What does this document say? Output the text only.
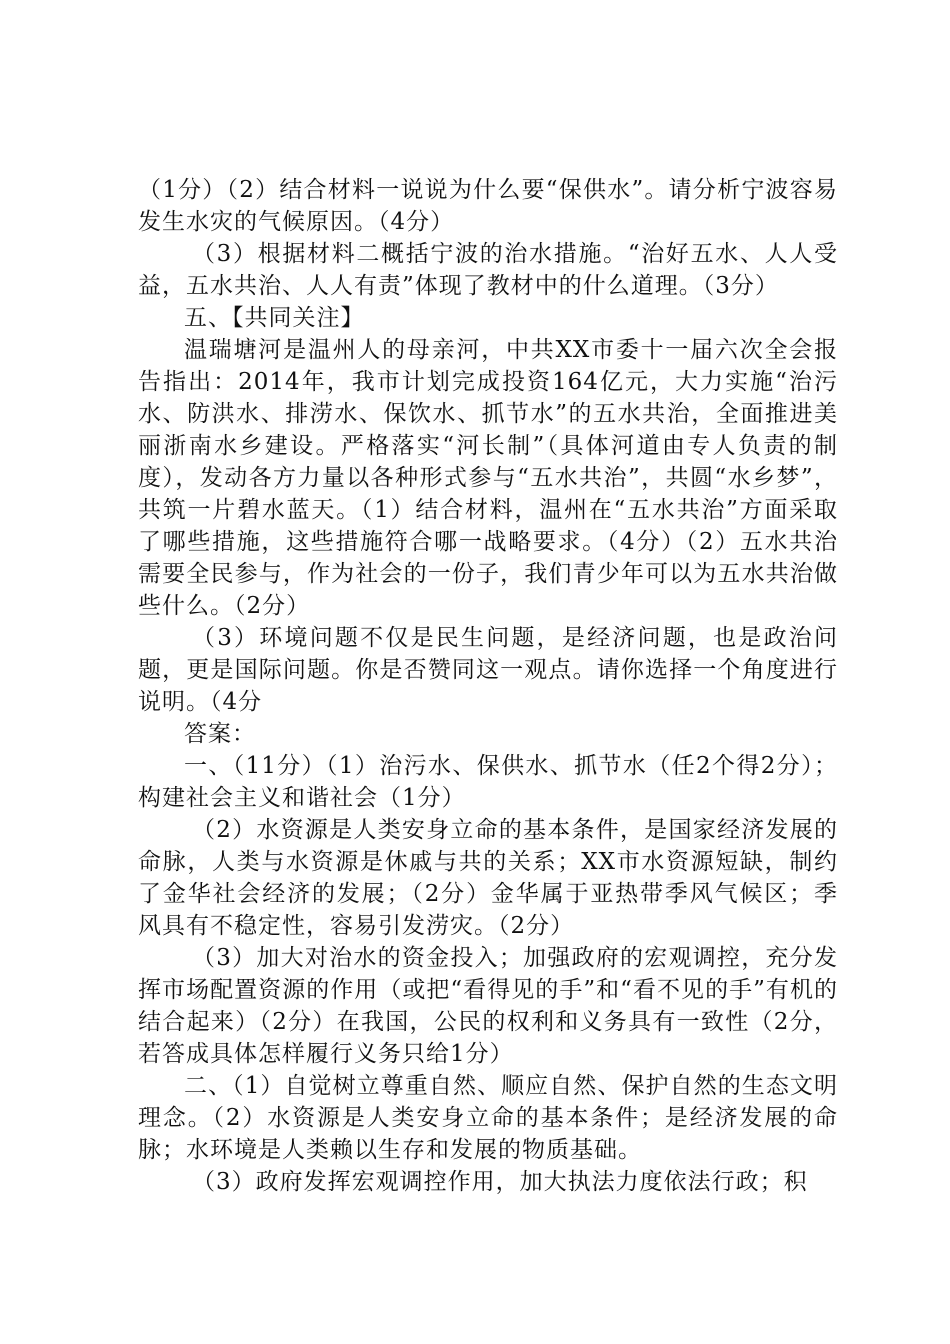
（1分）（2）结合材料一说说为什么要“保供水”。请分析宁波容易发生水灾的气候原因。（4分）

（3）根据材料二概括宁波的治水措施。“治好五水、人人受益，五水共治、人人有责”体现了教材中的什么道理。（3分）

五、【共同关注】

温瑞塘河是温州人的母亲河，中共XX市委十一届六次全会报告指出：2014年，我市计划完成投资164亿元，大力实施“治污水、防洪水、排涝水、保饮水、抓节水”的五水共治，全面推进美丽浙南水乡建设。严格落实“河长制”（具体河道由专人负责的制度），发动各方力量以各种形式参与“五水共治”，共圆“水乡梦”，共筑一片碧水蓝天。（1）结合材料，温州在“五水共治”方面采取了哪些措施，这些措施符合哪一战略要求。（4分）（2）五水共治需要全民参与，作为社会的一份子，我们青少年可以为五水共治做些什么。（2分）

（3）环境问题不仅是民生问题，是经济问题，也是政治问题，更是国际问题。你是否赞同这一观点。请你选择一个角度进行说明。（4分

答案：

一、（11分）（1）治污水、保供水、抓节水（任2个得2分）；构建社会主义和谐社会（1分）

（2）水资源是人类安身立命的基本条件，是国家经济发展的命脉，人类与水资源是休戚与共的关系；XX市水资源短缺，制约了金华社会经济的发展；（2分）金华属于亚热带季风气候区；季风具有不稳定性，容易引发涝灾。（2分）

（3）加大对治水的资金投入；加强政府的宏观调控，充分发挥市场配置资源的作用（或把“看得见的手”和“看不见的手”有机的结合起来）（2分）在我国，公民的权利和义务具有一致性（2分，若答成具体怎样履行义务只给1分）

二、（1）自觉树立尊重自然、顺应自然、保护自然的生态文明理念。（2）水资源是人类安身立命的基本条件；是经济发展的命脉；水环境是人类赖以生存和发展的物质基础。

（3）政府发挥宏观调控作用，加大执法力度依法行政；积
